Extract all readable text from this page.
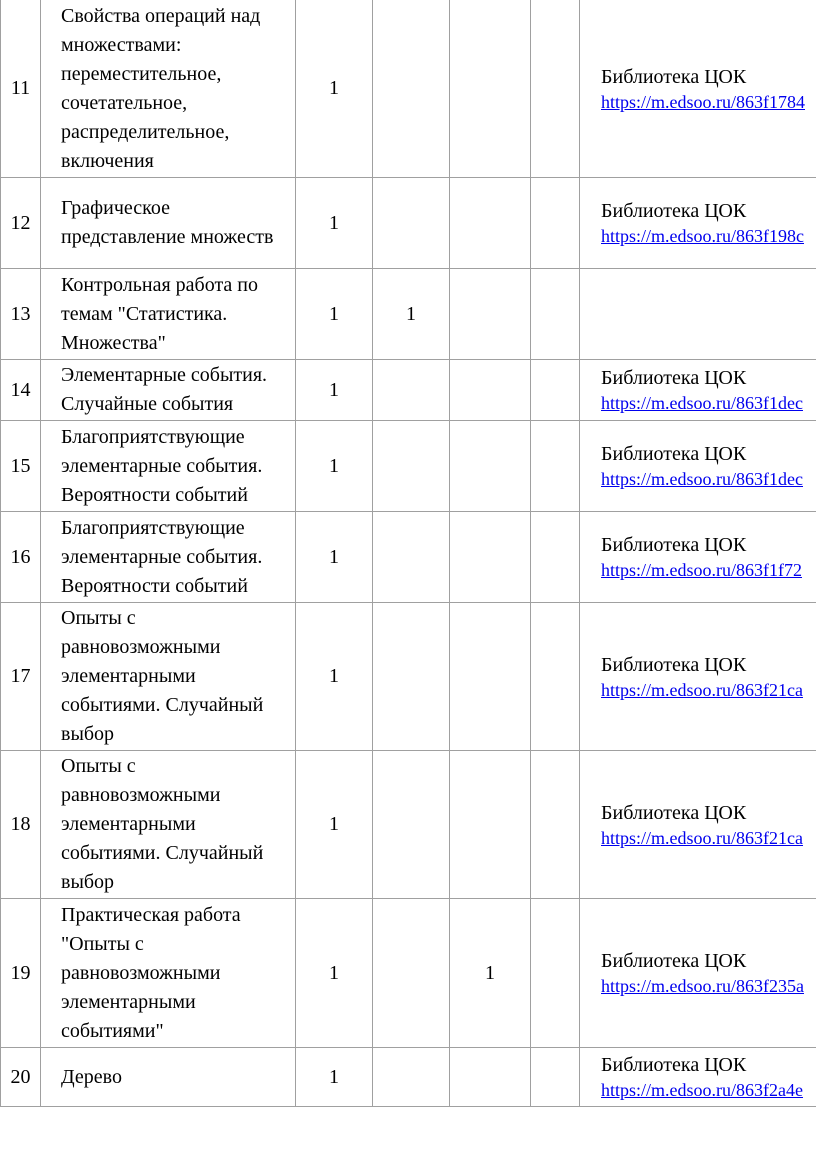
11	Свойства операций над множествами: переместительное, сочетательное, распределительное, включения	1				Библиотека ЦОК
https://m.edsoo.ru/863f1784

12	Графическое представление множеств	1				Библиотека ЦОК
https://m.edsoo.ru/863f198c

13	Контрольная работа по темам "Статистика. Множества"	1	1			

14	Элементарные события. Случайные события	1				Библиотека ЦОК
https://m.edsoo.ru/863f1dec

15	Благоприятствующие элементарные события. Вероятности событий	1				Библиотека ЦОК
https://m.edsoo.ru/863f1dec

16	Благоприятствующие элементарные события. Вероятности событий	1				Библиотека ЦОК
https://m.edsoo.ru/863f1f72

17	Опыты с равновозможными элементарными событиями. Случайный выбор	1				Библиотека ЦОК
https://m.edsoo.ru/863f21ca

18	Опыты с равновозможными элементарными событиями. Случайный выбор	1				Библиотека ЦОК
https://m.edsoo.ru/863f21ca

19	Практическая работа "Опыты с равновозможными элементарными событиями"	1		1		Библиотека ЦОК
https://m.edsoo.ru/863f235a

20	Дерево	1				Библиотека ЦОК
https://m.edsoo.ru/863f2a4e
